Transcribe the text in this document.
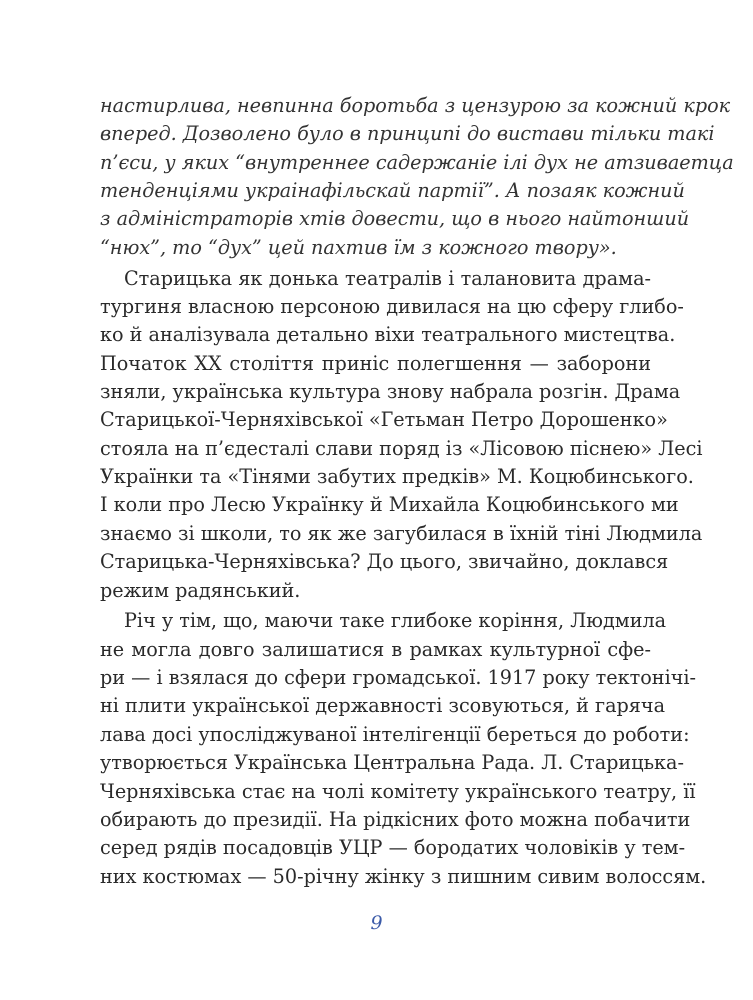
настирлива, невпинна боротьба з цензурою за кожний крок
вперед. Дозволено було в принципі до вистави тільки такі
п’єси, у яких “внутреннее садержаніе ілі дух не атзиваетца
тенденціями украінафільскай партії”. А позаяк кожний
з адміністраторів хтів довести, що в нього найтонший
“нюх”, то “дух” цей пахтив їм з кожного твору».
Старицька як донька театралів і талановита драма-
тургиня власною персоною дивилася на цю сферу глибо-
ко й аналізувала детально віхи театрального мистецтва.
Початок XX століття приніс полегшення — заборони
зняли, українська культура знову набрала розгін. Драма
Старицької-Черняхівської «Гетьман Петро Дорошенко»
стояла на п’єдесталі слави поряд із «Лісовою піснею» Лесі
Українки та «Тінями забутих предків» М. Коцюбинського.
І коли про Лесю Українку й Михайла Коцюбинського ми
знаємо зі школи, то як же загубилася в їхній тіні Людмила
Старицька-Черняхівська? До цього, звичайно, доклався
режим радянський.
Річ у тім, що, маючи таке глибоке коріння, Людмила
не могла довго залишатися в рамках культурної сфе-
ри — і взялася до сфери громадської. 1917 року тектонічі-
ні плити української державності зсовуються, й гаряча
лава досі упосліджуваної інтелігенції береться до роботи:
утворюється Українська Центральна Рада. Л. Старицька-
Черняхівська стає на чолі комітету українського театру, її
обирають до президії. На рідкісних фото можна побачити
серед рядів посадовців УЦР — бородатих чоловіків у тем-
них костюмах — 50-річну жінку з пишним сивим волоссям.
9
